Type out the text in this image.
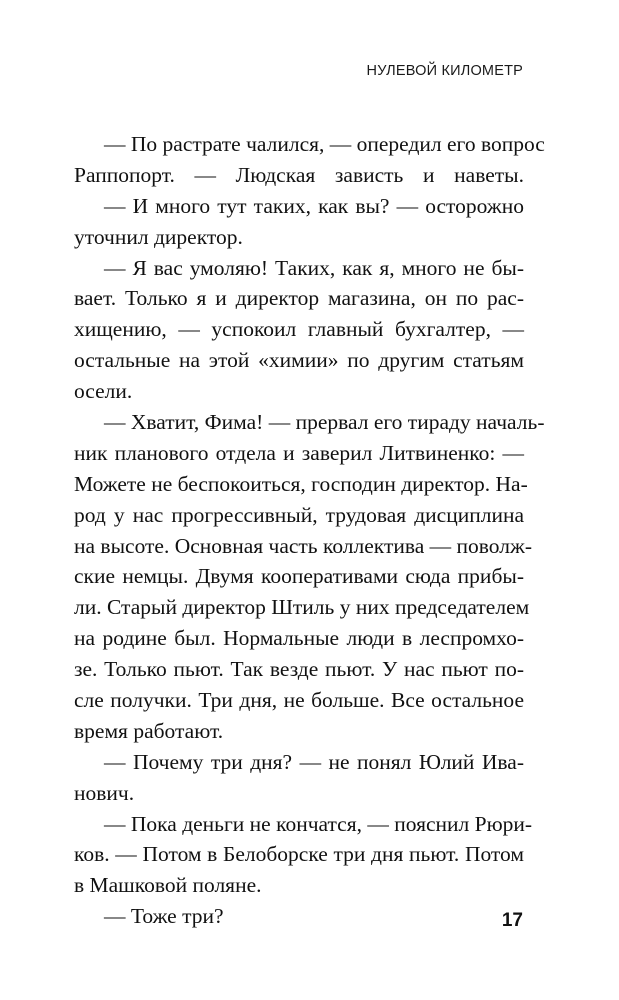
НУЛЕВОЙ КИЛОМЕТР
— По растрате чалился, — опередил его вопрос
Раппопорт. — Людская зависть и наветы.
— И много тут таких, как вы? — осторожно
уточнил директор.
— Я вас умоляю! Таких, как я, много не бы-
вает. Только я и директор магазина, он по рас-
хищению, — успокоил главный бухгалтер, —
остальные на этой «химии» по другим статьям
осели.
— Хватит, Фима! — прервал его тираду началь-
ник планового отдела и заверил Литвиненко: —
Можете не беспокоиться, господин директор. На-
род у нас прогрессивный, трудовая дисциплина
на высоте. Основная часть коллектива — поволж-
ские немцы. Двумя кооперативами сюда прибы-
ли. Старый директор Штиль у них председателем
на родине был. Нормальные люди в леспромхо-
зе. Только пьют. Так везде пьют. У нас пьют по-
сле получки. Три дня, не больше. Все остальное
время работают.
— Почему три дня? — не понял Юлий Ива-
нович.
— Пока деньги не кончатся, — пояснил Рюри-
ков. — Потом в Белоборске три дня пьют. Потом
в Машковой поляне.
— Тоже три?	17
